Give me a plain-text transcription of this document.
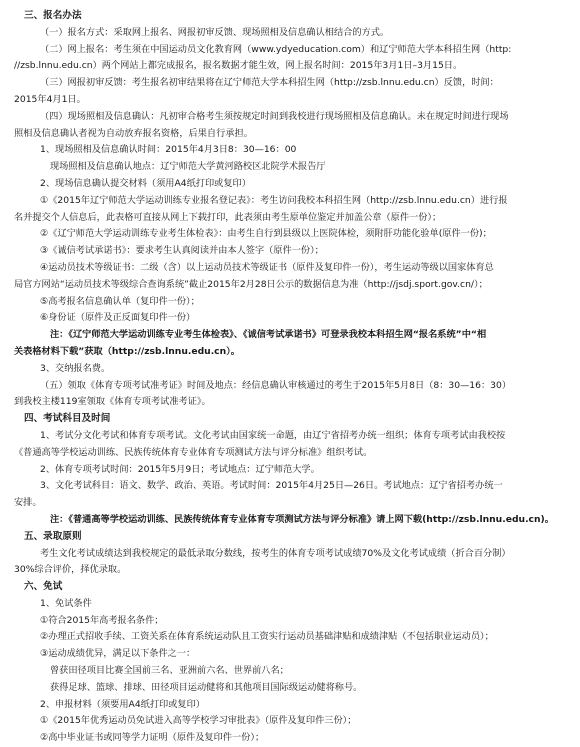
三、报名办法
（一）报名方式：采取网上报名、网报初审反馈、现场照相及信息确认相结合的方式。
（二）网上报名：考生须在中国运动员文化教育网（www.ydyeducation.com）和辽宁师范大学本科招生网（http:
//zsb.lnnu.edu.cn）两个网站上都完成报名，报名数据才能生效，网上报名时间：2015年3月1日–3月15日。
（三）网报初审反馈：考生报名初审结果将在辽宁师范大学本科招生网（http://zsb.lnnu.edu.cn）反馈，时间：
2015年4月1日。
（四）现场照相及信息确认：凡初审合格考生须按规定时间到我校进行现场照相及信息确认。未在规定时间进行现场
照相及信息确认者视为自动放弃报名资格，后果自行承担。
1、现场照相及信息确认时间：2015年4月3日8：30—16：00
现场照相及信息确认地点：辽宁师范大学黄河路校区北院学术报告厅
2、现场信息确认提交材料（须用A4纸打印或复印）
①《2015年辽宁师范大学运动训练专业报名登记表》：考生访问我校本科招生网（http://zsb.lnnu.edu.cn）进行报
名并提交个人信息后，此表格可直接从网上下载打印，此表须由考生原单位鉴定并加盖公章（原件一份）；
②《辽宁师范大学运动训练专业考生体检表》：由考生自行到县级以上医院体检，须附肝功能化验单(原件一份)；
③《诚信考试承诺书》：要求考生认真阅读并由本人签字（原件一份）；
④运动员技术等级证书：二级（含）以上运动员技术等级证书（原件及复印件一份），考生运动等级以国家体育总
局官方网站“运动员技术等级综合查询系统”截止2015年2月28日公示的数据信息为准（http://jsdj.sport.gov.cn/）；
⑤高考报名信息确认单（复印件一份）；
⑥身份证（原件及正反面复印件一份）
注：《辽宁师范大学运动训练专业考生体检表》、《诚信考试承诺书》可登录我校本科招生网“报名系统”中“相
关表格材料下载”获取（http://zsb.lnnu.edu.cn）。
3、交纳报名费。
（五）领取《体育专项考试准考证》时间及地点：经信息确认审核通过的考生于2015年5月8日（8：30—16：30）
到我校主楼119室领取《体育专项考试准考证》。
四、考试科目及时间
1、考试分文化考试和体育专项考试。文化考试由国家统一命题，由辽宁省招考办统一组织；体育专项考试由我校按
《普通高等学校运动训练、民族传统体育专业体育专项测试方法与评分标准》组织考试。
2、体育专项考试时间：2015年5月9日；考试地点：辽宁师范大学。
3、文化考试科目：语文、数学、政治、英语。考试时间：2015年4月25日—26日。考试地点：辽宁省招考办统一
安排。
注：《普通高等学校运动训练、民族传统体育专业体育专项测试方法与评分标准》请上网下载(http://zsb.lnnu.edu.cn)。
五、录取原则
考生文化考试成绩达到我校规定的最低录取分数线，按考生的体育专项考试成绩70%及文化考试成绩（折合百分制）
30%综合评价，择优录取。
六、免试
1、免试条件
①符合2015年高考报名条件；
②办理正式招收手续、工资关系在体育系统运动队且工资实行运动员基础津贴和成绩津贴（不包括职业运动员）；
③运动成绩优异，满足以下条件之一：
曾获田径项目比赛全国前三名、亚洲前六名、世界前八名；
获得足球、篮球、排球、田径项目运动健将和其他项目国际级运动健将称号。
2、申报材料（须要用A4纸打印或复印）
①《2015年优秀运动员免试进入高等学校学习审批表》（原件及复印件三份）；
②高中毕业证书或同等学力证明（原件及复印件一份）；
